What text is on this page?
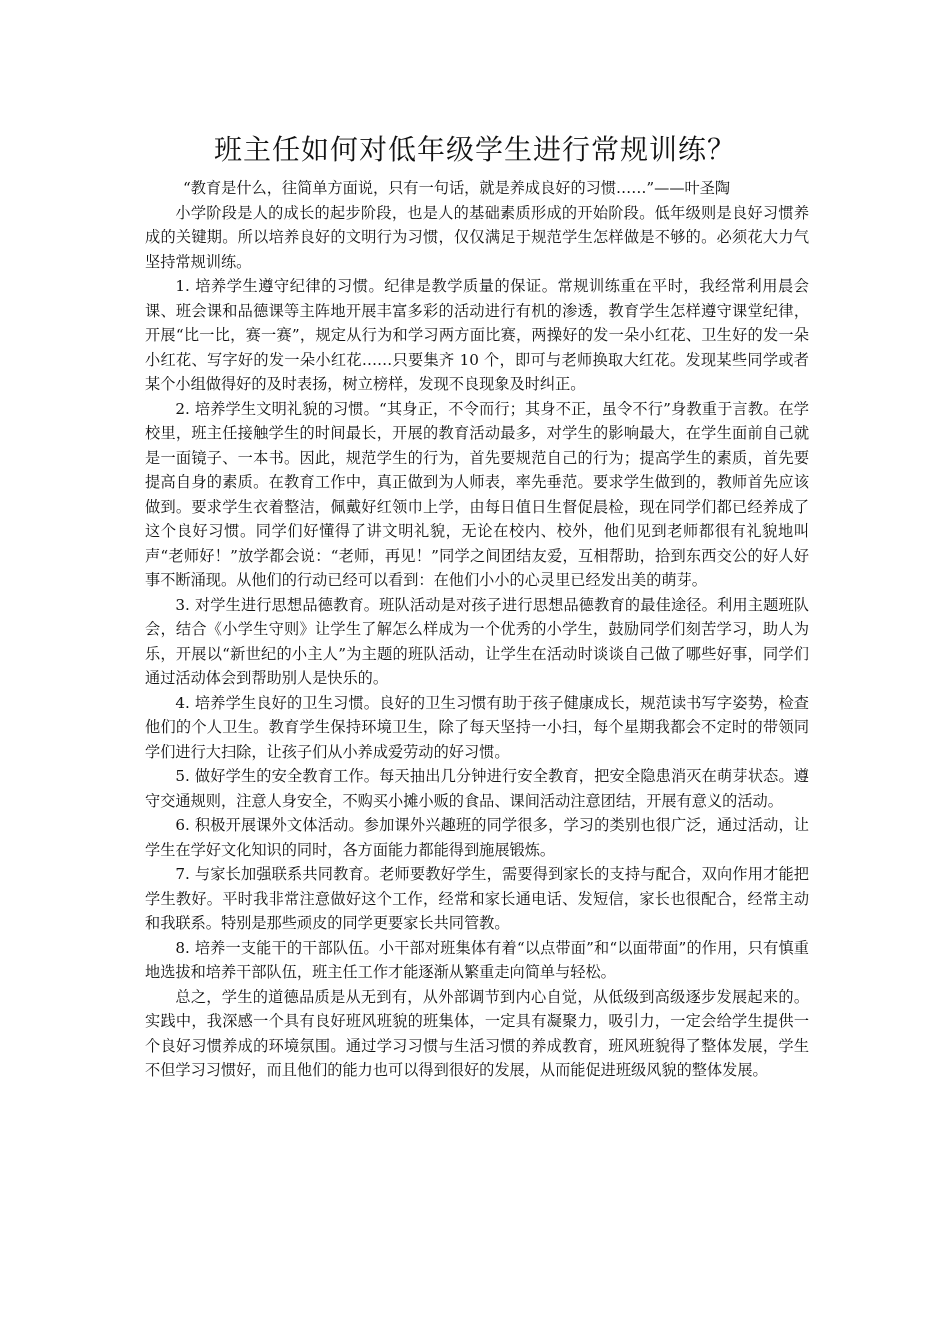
班主任如何对低年级学生进行常规训练？

“教育是什么，往简单方面说，只有一句话，就是养成良好的习惯……”——叶圣陶

小学阶段是人的成长的起步阶段，也是人的基础素质形成的开始阶段。低年级则是良好习惯养成的关键期。所以培养良好的文明行为习惯，仅仅满足于规范学生怎样做是不够的。必须花大力气坚持常规训练。

1. 培养学生遵守纪律的习惯。纪律是教学质量的保证。常规训练重在平时，我经常利用晨会课、班会课和品德课等主阵地开展丰富多彩的活动进行有机的渗透，教育学生怎样遵守课堂纪律，开展“比一比，赛一赛”，规定从行为和学习两方面比赛，两操好的发一朵小红花、卫生好的发一朵小红花、写字好的发一朵小红花……只要集齐 10 个，即可与老师换取大红花。发现某些同学或者某个小组做得好的及时表扬，树立榜样，发现不良现象及时纠正。

2. 培养学生文明礼貌的习惯。“其身正，不令而行；其身不正，虽令不行”身教重于言教。在学校里，班主任接触学生的时间最长，开展的教育活动最多，对学生的影响最大，在学生面前自己就是一面镜子、一本书。因此，规范学生的行为，首先要规范自己的行为；提高学生的素质，首先要提高自身的素质。在教育工作中，真正做到为人师表，率先垂范。要求学生做到的，教师首先应该做到。要求学生衣着整洁，佩戴好红领巾上学，由每日值日生督促晨检，现在同学们都已经养成了这个良好习惯。同学们好懂得了讲文明礼貌，无论在校内、校外，他们见到老师都很有礼貌地叫声“老师好！”放学都会说：“老师，再见！”同学之间团结友爱，互相帮助，拾到东西交公的好人好事不断涌现。从他们的行动已经可以看到：在他们小小的心灵里已经发出美的萌芽。

3. 对学生进行思想品德教育。班队活动是对孩子进行思想品德教育的最佳途径。利用主题班队会，结合《小学生守则》让学生了解怎么样成为一个优秀的小学生，鼓励同学们刻苦学习，助人为乐，开展以“新世纪的小主人”为主题的班队活动，让学生在活动时谈谈自己做了哪些好事，同学们通过活动体会到帮助别人是快乐的。

4. 培养学生良好的卫生习惯。良好的卫生习惯有助于孩子健康成长，规范读书写字姿势，检查他们的个人卫生。教育学生保持环境卫生，除了每天坚持一小扫，每个星期我都会不定时的带领同学们进行大扫除，让孩子们从小养成爱劳动的好习惯。

5. 做好学生的安全教育工作。每天抽出几分钟进行安全教育，把安全隐患消灭在萌芽状态。遵守交通规则，注意人身安全，不购买小摊小贩的食品、课间活动注意团结，开展有意义的活动。

6. 积极开展课外文体活动。参加课外兴趣班的同学很多，学习的类别也很广泛，通过活动，让学生在学好文化知识的同时，各方面能力都能得到施展锻炼。

7. 与家长加强联系共同教育。老师要教好学生，需要得到家长的支持与配合，双向作用才能把学生教好。平时我非常注意做好这个工作，经常和家长通电话、发短信，家长也很配合，经常主动和我联系。特别是那些顽皮的同学更要家长共同管教。

8. 培养一支能干的干部队伍。小干部对班集体有着“以点带面”和“以面带面”的作用，只有慎重地选拔和培养干部队伍，班主任工作才能逐渐从繁重走向简单与轻松。

总之，学生的道德品质是从无到有，从外部调节到内心自觉，从低级到高级逐步发展起来的。实践中，我深感一个具有良好班风班貌的班集体，一定具有凝聚力，吸引力，一定会给学生提供一个良好习惯养成的环境氛围。通过学习习惯与生活习惯的养成教育，班风班貌得了整体发展，学生不但学习习惯好，而且他们的能力也可以得到很好的发展，从而能促进班级风貌的整体发展。
